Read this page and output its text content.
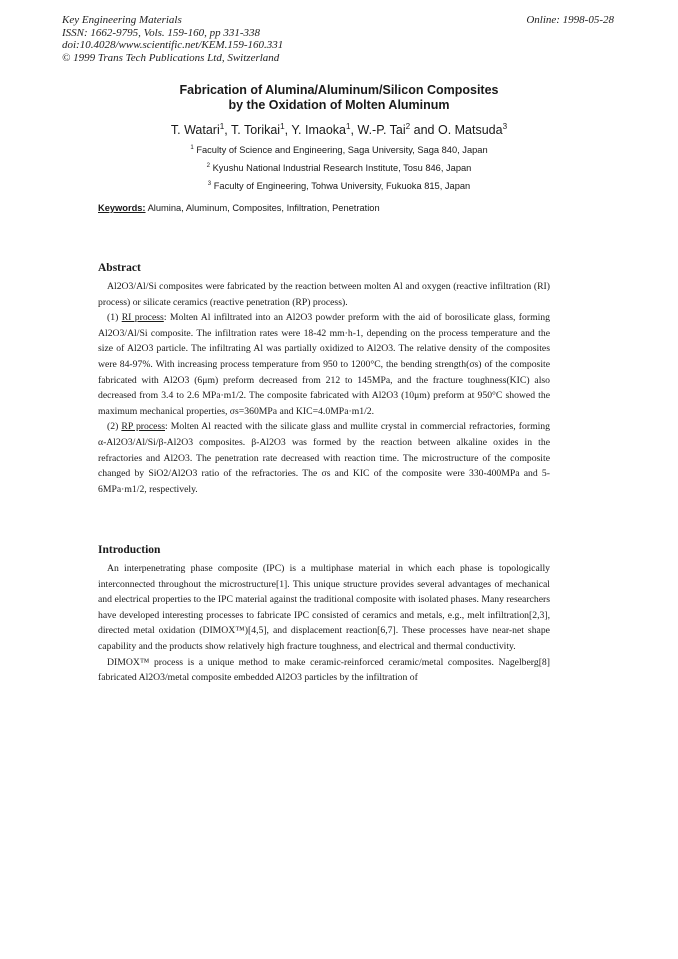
Key Engineering Materials
ISSN: 1662-9795, Vols. 159-160, pp 331-338
doi:10.4028/www.scientific.net/KEM.159-160.331
© 1999 Trans Tech Publications Ltd, Switzerland
Online: 1998-05-28
Fabrication of Alumina/Aluminum/Silicon Composites
by the Oxidation of Molten Aluminum
T. Watari$^1$, T. Torikai$^1$, Y. Imaoka$^1$, W.-P. Tai$^2$ and O. Matsuda$^3$
$^1$ Faculty of Science and Engineering, Saga University, Saga 840, Japan
$^2$ Kyushu National Industrial Research Institute, Tosu 846, Japan
$^3$ Faculty of Engineering, Tohwa University, Fukuoka 815, Japan
Keywords: Alumina, Aluminum, Composites, Infiltration, Penetration
Abstract

Al2O3/Al/Si composites were fabricated by the reaction between molten Al and oxygen (reactive infiltration (RI) process) or silicate ceramics (reactive penetration (RP) process).

(1) RI process: Molten Al infiltrated into an Al2O3 powder preform with the aid of borosilicate glass, forming Al2O3/Al/Si composite. The infiltration rates were 18-42 mm·h-1, depending on the process temperature and the size of Al2O3 particle. The infiltrating Al was partially oxidized to Al2O3. The relative density of the composites were 84-97%. With increasing process temperature from 950 to 1200°C, the bending strength(σs) of the composite fabricated with Al2O3 (6μm) preform decreased from 212 to 145MPa, and the fracture toughness(KIC) also decreased from 3.4 to 2.6 MPa·m1/2. The composite fabricated with Al2O3 (10μm) preform at 950°C showed the maximum mechanical properties, σs=360MPa and KIC=4.0MPa·m1/2.

(2) RP process: Molten Al reacted with the silicate glass and mullite crystal in commercial refractories, forming α-Al2O3/Al/Si/β-Al2O3 composites. β-Al2O3 was formed by the reaction between alkaline oxides in the refractories and Al2O3. The penetration rate decreased with reaction time. The microstructure of the composite changed by SiO2/Al2O3 ratio of the refractories. The σs and KIC of the composite were 330-400MPa and 5-6MPa·m1/2, respectively.

Introduction

An interpenetrating phase composite (IPC) is a multiphase material in which each phase is topologically interconnected throughout the microstructure[1]. This unique structure provides several advantages of mechanical and electrical properties to the IPC material against the traditional composite with isolated phases. Many researchers have developed interesting processes to fabricate IPC consisted of ceramics and metals, e.g., melt infiltration[2,3], directed metal oxidation (DIMOX™)[4,5], and displacement reaction[6,7]. These processes have near-net shape capability and the products show relatively high fracture toughness, and electrical and thermal conductivity.

DIMOX™ process is a unique method to make ceramic-reinforced ceramic/metal composites. Nagelberg[8] fabricated Al2O3/metal composite embedded Al2O3 particles by the infiltration of
